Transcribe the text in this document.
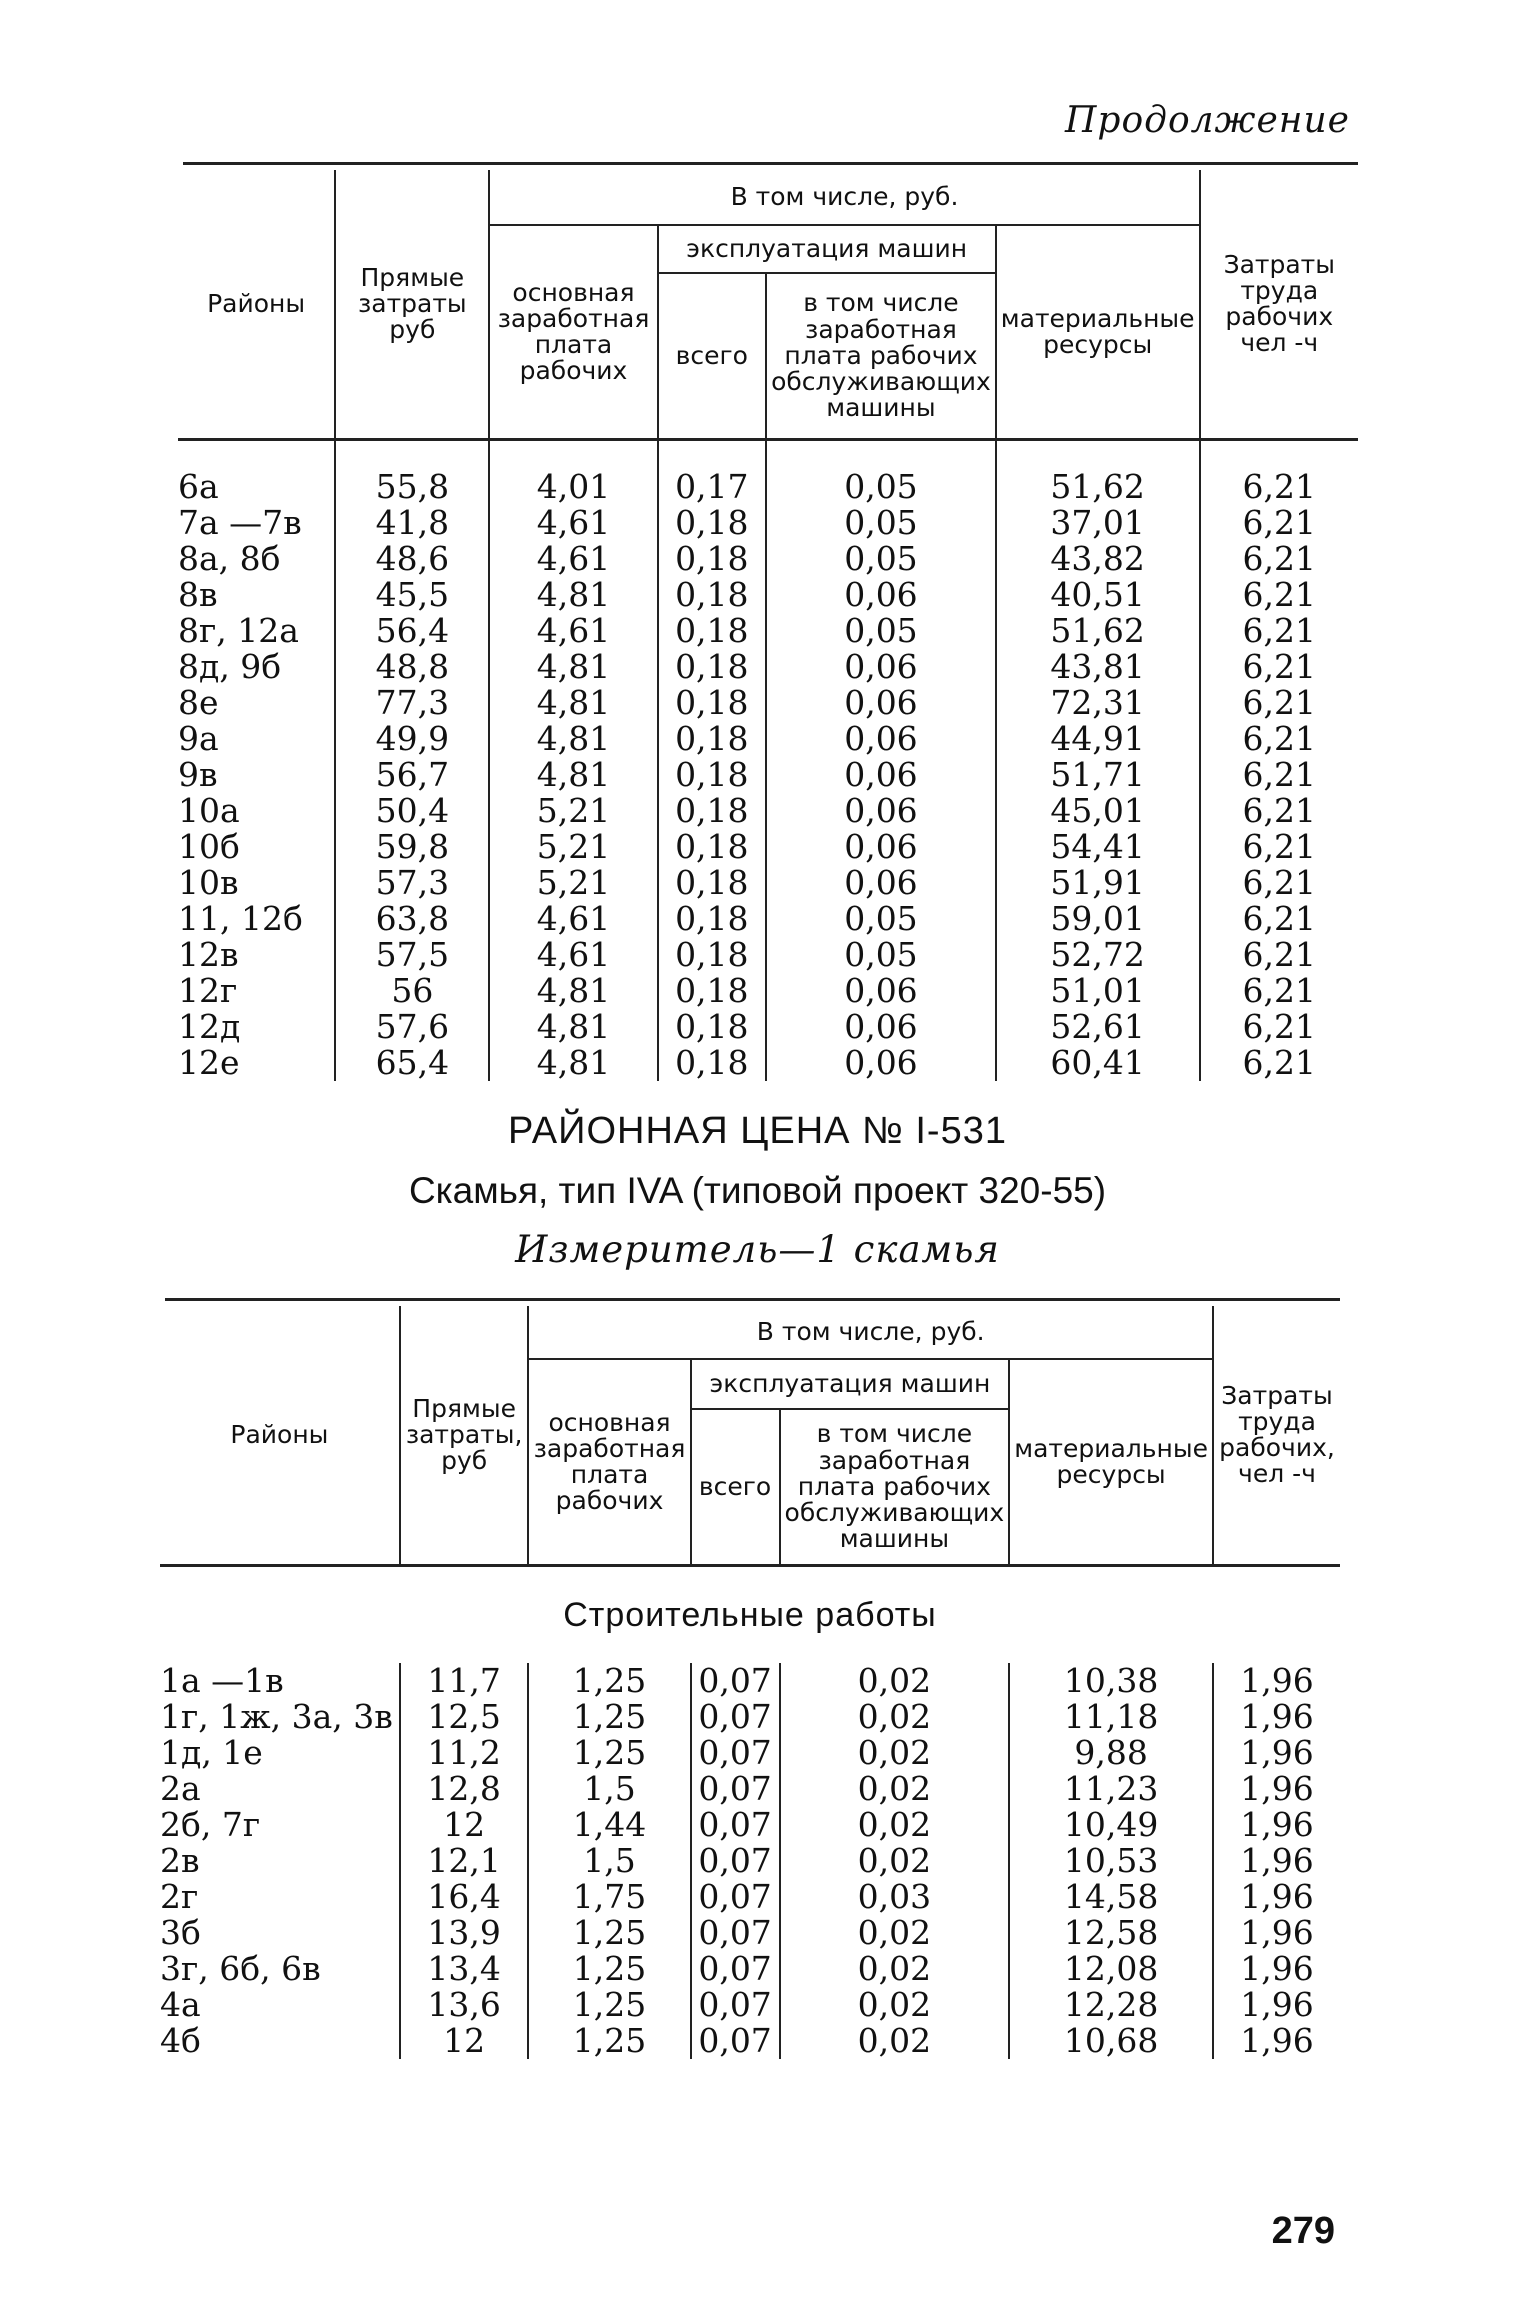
Продолжение
Районы	Прямые затраты руб	В том числе, руб.				Затраты труда рабочих чел -ч
		основная заработная плата рабочих	эксплуатация машин		материальные ресурсы	
			всего	в том числе заработная плата рабочих обслуживающих машины		

6а	55,8	4,01	0,17	0,05	51,62	6,21
7а —7в	41,8	4,61	0,18	0,05	37,01	6,21
8а, 8б	48,6	4,61	0,18	0,05	43,82	6,21
8в	45,5	4,81	0,18	0,06	40,51	6,21
8г, 12а	56,4	4,61	0,18	0,05	51,62	6,21
8д, 9б	48,8	4,81	0,18	0,06	43,81	6,21
8е	77,3	4,81	0,18	0,06	72,31	6,21
9а	49,9	4,81	0,18	0,06	44,91	6,21
9в	56,7	4,81	0,18	0,06	51,71	6,21
10а	50,4	5,21	0,18	0,06	45,01	6,21
10б	59,8	5,21	0,18	0,06	54,41	6,21
10в	57,3	5,21	0,18	0,06	51,91	6,21
11, 12б	63,8	4,61	0,18	0,05	59,01	6,21
12в	57,5	4,61	0,18	0,05	52,72	6,21
12г	56	4,81	0,18	0,06	51,01	6,21
12д	57,6	4,81	0,18	0,06	52,61	6,21
12е	65,4	4,81	0,18	0,06	60,41	6,21
РАЙОННАЯ ЦЕНА № I-531
Скамья, тип IVA (типовой проект 320-55)
Измеритель—1 скамья
Районы	Прямые затраты, руб	В том числе, руб.				Затраты труда рабочих, чел -ч
		основная заработная плата рабочих	эксплуатация машин		материальные ресурсы	
			всего	в том числе заработная плата рабочих обслуживающих машины		
Строительные работы						
1а —1в	11,7	1,25	0,07	0,02	10,38	1,96
1г, 1ж, 3а, 3в	12,5	1,25	0,07	0,02	11,18	1,96
1д, 1е	11,2	1,25	0,07	0,02	9,88	1,96
2а	12,8	1,5	0,07	0,02	11,23	1,96
2б, 7г	12	1,44	0,07	0,02	10,49	1,96
2в	12,1	1,5	0,07	0,02	10,53	1,96
2г	16,4	1,75	0,07	0,03	14,58	1,96
3б	13,9	1,25	0,07	0,02	12,58	1,96
3г, 6б, 6в	13,4	1,25	0,07	0,02	12,08	1,96
4а	13,6	1,25	0,07	0,02	12,28	1,96
4б	12	1,25	0,07	0,02	10,68	1,96
279
